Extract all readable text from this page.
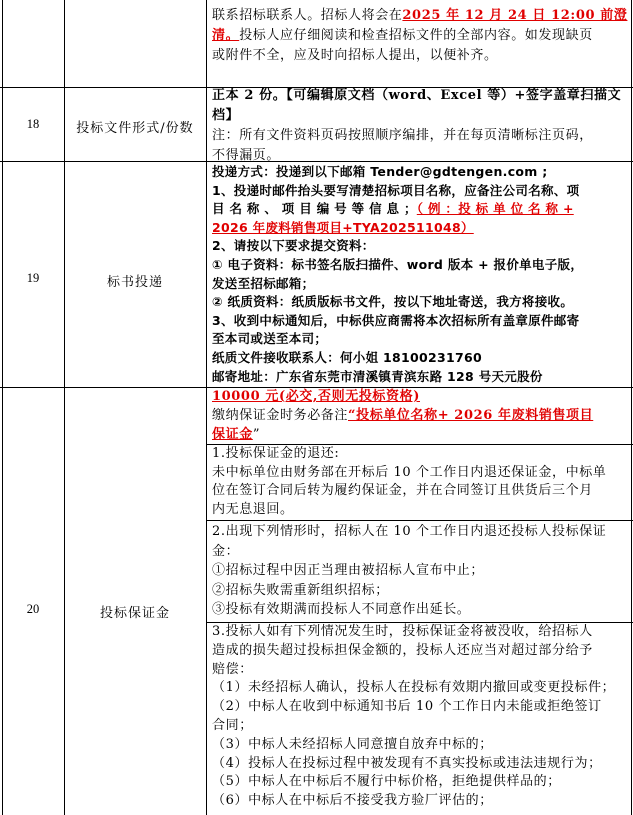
联系招标联系人。招标人将会在2025 年 12 月 24 日 12:00 前澄
清。投标人应仔细阅读和检查招标文件的全部内容。如发现缺页
或附件不全，应及时向招标人提出，以便补齐。
18	投标文件形式/份数
正本 2 份。【可编辑原文档（word、Excel 等）+签字盖章扫描文
档】
注：所有文件资料页码按照顺序编排，并在每页清晰标注页码，
不得漏页。
19	标书投递
投递方式：投递到以下邮箱 Tender@gdtengen.com ;
1、投递时邮件抬头要写清楚招标项目名称，应备注公司名称、项
目 名 称 、 项 目 编 号 等 信 息 ；（ 例 ：投 标 单 位 名 称 +
2026 年废料销售项目+TYA202511048）
2、请按以下要求提交资料：
① 电子资料：标书签名版扫描件、word 版本 + 报价单电子版，
发送至招标邮箱；
② 纸质资料：纸质版标书文件，按以下地址寄送，我方将接收。
3、收到中标通知后，中标供应商需将本次招标所有盖章原件邮寄
至本司或送至本司；
纸质文件接收联系人：何小姐 18100231760
邮寄地址：广东省东莞市清溪镇青滨东路 128 号天元股份
20	投标保证金
10000 元(必交,否则无投标资格)
缴纳保证金时务必备注“投标单位名称+ 2026 年废料销售项目
保证金”
1.投标保证金的退还:
未中标单位由财务部在开标后 10 个工作日内退还保证金，中标单
位在签订合同后转为履约保证金，并在合同签订且供货后三个月
内无息退回。
2.出现下列情形时，招标人在 10 个工作日内退还投标人投标保证
金：
①招标过程中因正当理由被招标人宣布中止；
②招标失败需重新组织招标；
③投标有效期满而投标人不同意作出延长。
3.投标人如有下列情况发生时，投标保证金将被没收，给招标人
造成的损失超过投标担保金额的，投标人还应当对超过部分给予
赔偿：
（1）未经招标人确认，投标人在投标有效期内撤回或变更投标件；
（2）中标人在收到中标通知书后 10 个工作日内未能或拒绝签订
合同；
（3）中标人未经招标人同意擅自放弃中标的；
（4）投标人在投标过程中被发现有不真实投标或违法违规行为；
（5）中标人在中标后不履行中标价格，拒绝提供样品的；
（6）中标人在中标后不接受我方验厂评估的；
